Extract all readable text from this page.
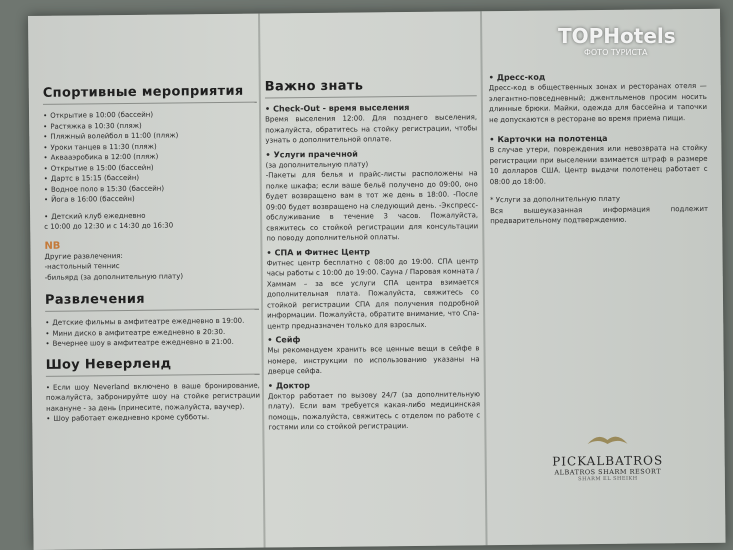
Спортивные мероприятия
• Открытие в 10:00 (бассейн)
• Растяжка в 10:30 (пляж)
• Пляжный волейбол в 11:00 (пляж)
• Уроки танцев в 11:30 (пляж)
• Аквааэробика в 12:00 (пляж)
• Открытие в 15:00 (бассейн)
• Дартс в 15:15 (бассейн)
• Водное поло в 15:30 (бассейн)
• Йога в 16:00 (бассейн)
• Детский клуб ежедневно
с 10:00 до 12:30 и с 14:30 до 16:30
NB
Другие развлечения:
-настольный теннис
-бильярд (за дополнительную плату)
Развлечения
• Детские фильмы в амфитеатре ежедневно в 19:00.
• Мини диско в амфитеатре ежедневно в 20:30.
• Вечернее шоу в амфитеатре ежедневно в 21:00.
Шоу Неверленд
• Если шоу Neverland включено в ваше бронирование, пожалуйста, забронируйте шоу на стойке регистрации накануне - за день (принесите, пожалуйста, ваучер).
• Шоу работает ежедневно кроме субботы.
Важно знать
• Check-Out - время выселения
Время выселения 12:00. Для позднего выселения, пожалуйста, обратитесь на стойку регистрации, чтобы узнать о дополнительной оплате.
• Услуги прачечной
(за дополнительную плату)
-Пакеты для белья и прайс-листы расположены на полке шкафа; если ваше бельё получено до 09:00, оно будет возвращено вам в тот же день в 18:00. -После 09:00 будет возвращено на следующий день. -Экспресс-обслуживание в течение 3 часов. Пожалуйста, свяжитесь со стойкой регистрации для консультации по поводу дополнительной оплаты.
• СПА и Фитнес Центр
Фитнес центр бесплатно с 08:00 до 19:00. СПА центр часы работы с 10:00 до 19:00. Сауна / Паровая комната / Хаммам – за все услуги СПА центра взимается дополнительная плата. Пожалуйста, свяжитесь со стойкой регистрации СПА для получения подробной информации. Пожалуйста, обратите внимание, что Спа-центр предназначен только для взрослых.
• Сейф
Мы рекомендуем хранить все ценные вещи в сейфе в номере, инструкции по использованию указаны на дверце сейфа.
• Доктор
Доктор работает по вызову 24/7 (за дополнительную плату). Если вам требуется какая-либо медицинская помощь, пожалуйста, свяжитесь с отделом по работе с гостями или со стойкой регистрации.
• Дресс-код
Дресс-код в общественных зонах и ресторанах отеля — элегантно-повседневный; джентльменов просим носить длинные брюки. Майки, одежда для бассейна и тапочки не допускаются в ресторане во время приема пищи.
• Карточки на полотенца
В случае утери, повреждения или невозврата на стойку регистрации при выселении взимается штраф в размере 10 долларов США. Центр выдачи полотенец работает с 08:00 до 18:00.
* Услуги за дополнительную плату
Вся вышеуказанная информация подлежит предварительному подтверждению.
PICKALBATROS
ALBATROS SHARM RESORT
SHARM EL SHEIKH
TOPHotels
ФОТО ТУРИСТА
